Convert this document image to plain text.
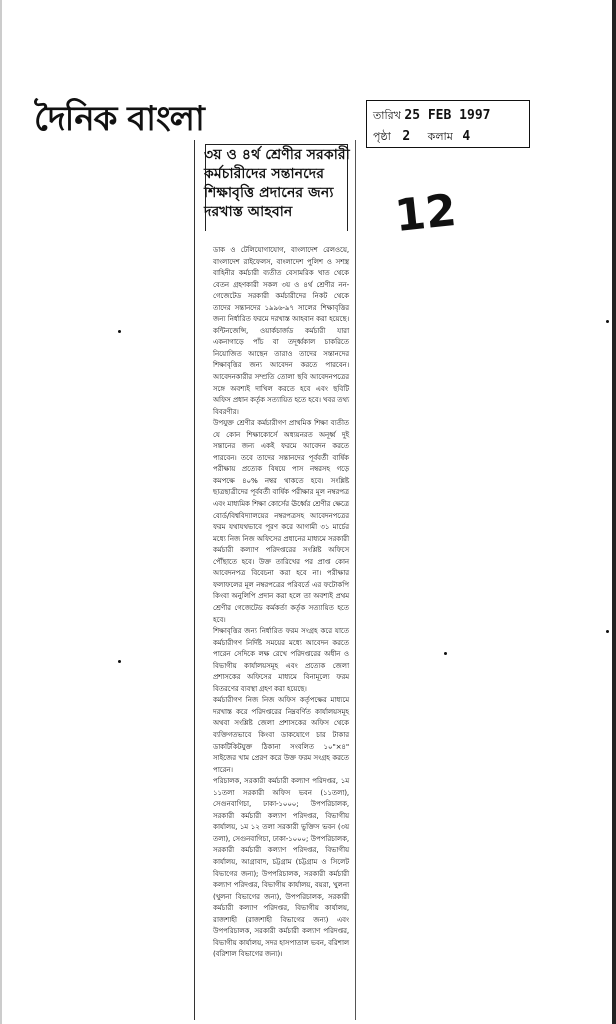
দৈনিক বাংলা	তারিখ 25 FEB 1997
পৃষ্ঠা 2 কলাম 4
12
৩য় ও ৪র্থ শ্রেণীর সরকারী
কর্মচারীদের সন্তানদের
শিক্ষাবৃত্তি প্রদানের জন্য
দরখাস্ত আহবান

ডাক ও টেলিযোগাযোগ, বাংলাদেশ রেলওয়ে, বাংলাদেশ রাইফেলস, বাংলাদেশ পুলিশ ও সশস্ত্র বাহিনীর কর্মচারী ব্যতীত বেসামরিক খাত থেকে বেতন গ্রহণকারী সকল ৩য় ও ৪র্থ শ্রেণীর নন-গেজেটেড সরকারী কর্মচারীদের নিকট থেকে তাদের সন্তানদের ১৯৯৬-৯৭ সালের শিক্ষাবৃত্তির জন্য নির্ধারিত ফরমে দরখাস্ত আহবান করা হয়েছে। কন্টিনজেন্সি, ওয়ার্কচার্জড কর্মচারী যারা একনাগাড়ে পাঁচ বা তদূর্ধ্বকাল চাকরিতে নিয়োজিত আছেন তারাও তাদের সন্তানদের শিক্ষাবৃত্তির জন্য আবেদন করতে পারবেন। আবেদনকারীর সম্প্রতি তোলা ছবি আবেদনপত্রের সঙ্গে অবশ্যই দাখিল করতে হবে এবং ছবিটি অফিস প্রধান কর্তৃক সত্যায়িত হতে হবে। খবর তথ্য বিবরণীর।

উপযুক্ত শ্রেণীর কর্মচারীগণ প্রাথমিক শিক্ষা ব্যতীত যে কোন শিক্ষাকোর্সে অধ্যয়নরত অনূর্ধ্ব দুই সন্তানের জন্য একই ফরমে আবেদন করতে পারবেন। তবে তাদের সন্তানদের পূর্ববর্তী বার্ষিক পরীক্ষায় প্রত্যেক বিষয়ে পাস নম্বরসহ গড়ে কমপক্ষে ৪০% নম্বর থাকতে হবে। সংশ্লিষ্ট ছাত্রছাত্রীদের পূর্ববর্তী বার্ষিক পরীক্ষার মূল নম্বরপত্র এবং মাধ্যমিক শিক্ষা কোর্সের ঊর্ধ্বের শ্রেণীর ক্ষেত্রে বোর্ড/বিশ্ববিদ্যালয়ের নম্বরপত্রসহ আবেদনপত্রের ফরম যথাযথভাবে পূরণ করে আগামী ৩১ মার্চের মধ্যে নিজ নিজ অফিসের প্রধানের মাধ্যমে সরকারী কর্মচারী কল্যাণ পরিদপ্তরের সংশ্লিষ্ট অফিসে পৌঁছাতে হবে। উক্ত তারিখের পর প্রাপ্ত কোন আবেদনপত্র বিবেচনা করা হবে না। পরীক্ষার ফলাফলের মূল নম্বরপত্রের পরিবর্তে এর ফটোকপি কিংবা অনুলিপি প্রদান করা হলে তা অবশ্যই প্রথম শ্রেণীর গেজেটেড কর্মকর্তা কর্তৃক সত্যায়িত হতে হবে।

শিক্ষাবৃত্তির জন্য নির্ধারিত ফরম সংগ্রহ করে যাতে কর্মচারীগণ নির্দিষ্ট সময়ের মধ্যে আবেদন করতে পারেন সেদিকে লক্ষ রেখে পরিদপ্তরের অধীন ও বিভাগীয় কার্যালয়সমূহ এবং প্রত্যেক জেলা প্রশাসকের অফিসের মাধ্যমে বিনামূল্যে ফরম বিতরণের ব্যবস্থা গ্রহণ করা হয়েছে।

কর্মচারীগণ নিজ নিজ অফিস কর্তৃপক্ষের মাধ্যমে দরখাস্ত করে পরিদপ্তরের নিম্নবর্ণিত কার্যালয়সমূহ অথবা সংশ্লিষ্ট জেলা প্রশাসকের অফিস থেকে ব্যক্তিগতভাবে কিংবা ডাকযোগে চার টাকার ডাকটিকিটযুক্ত ঠিকানা সংবলিত ১০"×৪" সাইজের খাম প্রেরণ করে উক্ত ফরম সংগ্রহ করতে পারেন।

পরিচালক, সরকারী কর্মচারী কল্যাণ পরিদপ্তর, ১ম ১১তলা সরকারী অফিস ভবন (১১তলা), সেগুনবাগিচা, ঢাকা-১০০০; উপপরিচালক, সরকারী কর্মচারী কল্যাণ পরিদপ্তর, বিভাগীয় কার্যালয়, ১ম ১২ তলা সরকারী ভুক্তিস ভবন (৩য় তলা), সেগুনবাগিচা, ঢাকা-১০০০; উপপরিচালক, সরকারী কর্মচারী কল্যাণ পরিদপ্তর, বিভাগীয় কার্যালয়, আগ্রাবাদ, চট্টগ্রাম (চট্টগ্রাম ও সিলেট বিভাগের জন্য); উপপরিচালক, সরকারী কর্মচারী কল্যাণ পরিদপ্তর, বিভাগীয় কার্যালয়, বয়রা, খুলনা (খুলনা বিভাগের জন্য), উপপরিচালক, সরকারী কর্মচারী কল্যাণ পরিদপ্তর, বিভাগীয় কার্যালয়, রাজশাহী (রাজশাহী বিভাগের জন্য) এবং উপপরিচালক, সরকারী কর্মচারী কল্যাণ পরিদপ্তর, বিভাগীয় কার্যালয়, সদর হাসপাতাল ভবন, বরিশাল (বরিশাল বিভাগের জন্য)।
